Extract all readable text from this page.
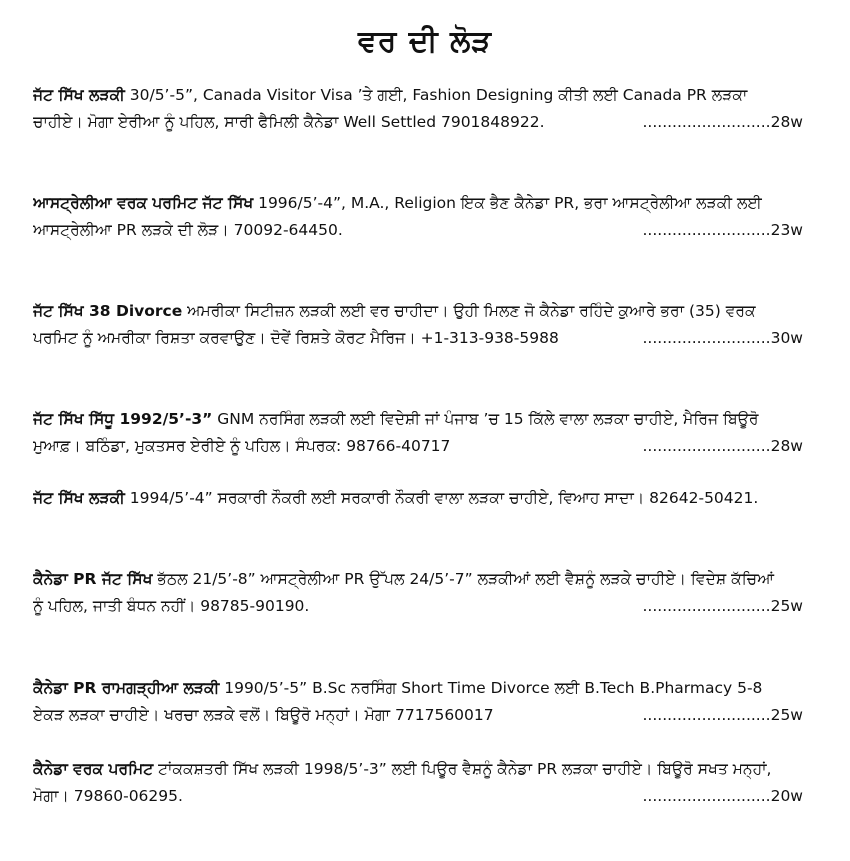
ਵਰ ਦੀ ਲੋੜ
ਜੱਟ ਸਿੱਖ ਲੜਕੀ 30/5’-5”, Canada Visitor Visa ’ਤੇ ਗਈ, Fashion Designing ਕੀਤੀ ਲਈ Canada PR ਲੜਕਾ
ਚਾਹੀਏ। ਮੋਗਾ ਏਰੀਆ ਨੂੰ ਪਹਿਲ, ਸਾਰੀ ਫੈਮਿਲੀ ਕੈਨੇਡਾ Well Settled 7901848922.	..........................28w
ਆਸਟ੍ਰੇਲੀਆ ਵਰਕ ਪਰਮਿਟ ਜੱਟ ਸਿੱਖ 1996/5’-4”, M.A., Religion ਇਕ ਭੈਣ ਕੈਨੇਡਾ PR, ਭਰਾ ਆਸਟ੍ਰੇਲੀਆ ਲੜਕੀ ਲਈ
ਆਸਟ੍ਰੇਲੀਆ PR ਲੜਕੇ ਦੀ ਲੋੜ। 70092-64450.	..........................23w
ਜੱਟ ਸਿੱਖ 38 Divorce ਅਮਰੀਕਾ ਸਿਟੀਜ਼ਨ ਲੜਕੀ ਲਈ ਵਰ ਚਾਹੀਦਾ। ਉਹੀ ਮਿਲਣ ਜੋ ਕੈਨੇਡਾ ਰਹਿੰਦੇ ਕੁਆਰੇ ਭਰਾ (35) ਵਰਕ
ਪਰਮਿਟ ਨੂੰ ਅਮਰੀਕਾ ਰਿਸ਼ਤਾ ਕਰਵਾਉਣ। ਦੋਵੇਂ ਰਿਸ਼ਤੇ ਕੋਰਟ ਮੈਰਿਜ। +1-313-938-5988	..........................30w
ਜੱਟ ਸਿੱਖ ਸਿੱਧੂ 1992/5’-3” GNM ਨਰਸਿੰਗ ਲੜਕੀ ਲਈ ਵਿਦੇਸ਼ੀ ਜਾਂ ਪੰਜਾਬ ’ਚ 15 ਕਿੱਲੇ ਵਾਲਾ ਲੜਕਾ ਚਾਹੀਏ, ਮੈਰਿਜ ਬਿਊਰੋ
ਮੁਆਫ਼। ਬਠਿੰਡਾ, ਮੁਕਤਸਰ ਏਰੀਏ ਨੂੰ ਪਹਿਲ। ਸੰਪਰਕ: 98766-40717	..........................28w
ਜੱਟ ਸਿੱਖ ਲੜਕੀ 1994/5’-4” ਸਰਕਾਰੀ ਨੌਕਰੀ ਲਈ ਸਰਕਾਰੀ ਨੌਕਰੀ ਵਾਲਾ ਲੜਕਾ ਚਾਹੀਏ, ਵਿਆਹ ਸਾਦਾ। 82642-50421.
ਕੈਨੇਡਾ PR ਜੱਟ ਸਿੱਖ ਭੱਠਲ 21/5’-8” ਆਸਟ੍ਰੇਲੀਆ PR ਉੱਪਲ 24/5’-7” ਲੜਕੀਆਂ ਲਈ ਵੈਸ਼ਨੂੰ ਲੜਕੇ ਚਾਹੀਏ। ਵਿਦੇਸ਼ ਕੱਚਿਆਂ
ਨੂੰ ਪਹਿਲ, ਜਾਤੀ ਬੰਧਨ ਨਹੀਂ। 98785-90190.	..........................25w
ਕੈਨੇਡਾ PR ਰਾਮਗੜ੍ਹੀਆ ਲੜਕੀ 1990/5’-5” B.Sc ਨਰਸਿੰਗ Short Time Divorce ਲਈ B.Tech B.Pharmacy 5-8
ਏਕੜ ਲੜਕਾ ਚਾਹੀਏ। ਖਰਚਾ ਲੜਕੇ ਵਲੋਂ। ਬਿਊਰੋ ਮਨ੍ਹਾਂ। ਮੋਗਾ 7717560017	..........................25w
ਕੈਨੇਡਾ ਵਰਕ ਪਰਮਿਟ ਟਾਂਕਕਸ਼ਤਰੀ ਸਿੱਖ ਲੜਕੀ 1998/5’-3” ਲਈ ਪਿਊਰ ਵੈਸ਼ਨੂੰ ਕੈਨੇਡਾ PR ਲੜਕਾ ਚਾਹੀਏ। ਬਿਊਰੋ ਸਖਤ ਮਨ੍ਹਾਂ,
ਮੋਗਾ। 79860-06295.	..........................20w
